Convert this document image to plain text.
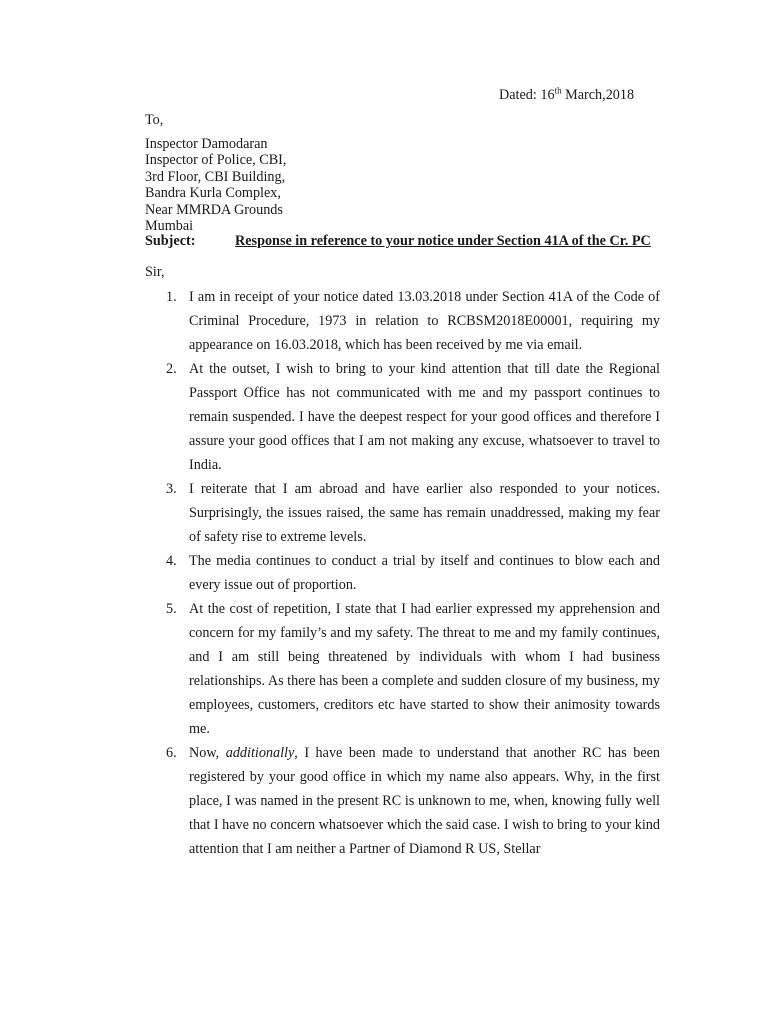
Dated: 16th March,2018
To,
Inspector Damodaran
Inspector of Police, CBI,
3rd Floor, CBI Building,
Bandra Kurla Complex,
Near MMRDA Grounds
Mumbai
Subject:	Response in reference to your notice under Section 41A of the Cr. PC
Sir,
1. I am in receipt of your notice dated 13.03.2018 under Section 41A of the Code of Criminal Procedure, 1973 in relation to RCBSM2018E00001, requiring my appearance on 16.03.2018, which has been received by me via email.
2. At the outset, I wish to bring to your kind attention that till date the Regional Passport Office has not communicated with me and my passport continues to remain suspended. I have the deepest respect for your good offices and therefore I assure your good offices that I am not making any excuse, whatsoever to travel to India.
3. I reiterate that I am abroad and have earlier also responded to your notices. Surprisingly, the issues raised, the same has remain unaddressed, making my fear of safety rise to extreme levels.
4. The media continues to conduct a trial by itself and continues to blow each and every issue out of proportion.
5. At the cost of repetition, I state that I had earlier expressed my apprehension and concern for my family’s and my safety. The threat to me and my family continues, and I am still being threatened by individuals with whom I had business relationships. As there has been a complete and sudden closure of my business, my employees, customers, creditors etc have started to show their animosity towards me.
6. Now, additionally, I have been made to understand that another RC has been registered by your good office in which my name also appears. Why, in the first place, I was named in the present RC is unknown to me, when, knowing fully well that I have no concern whatsoever which the said case. I wish to bring to your kind attention that I am neither a Partner of Diamond R US, Stellar
